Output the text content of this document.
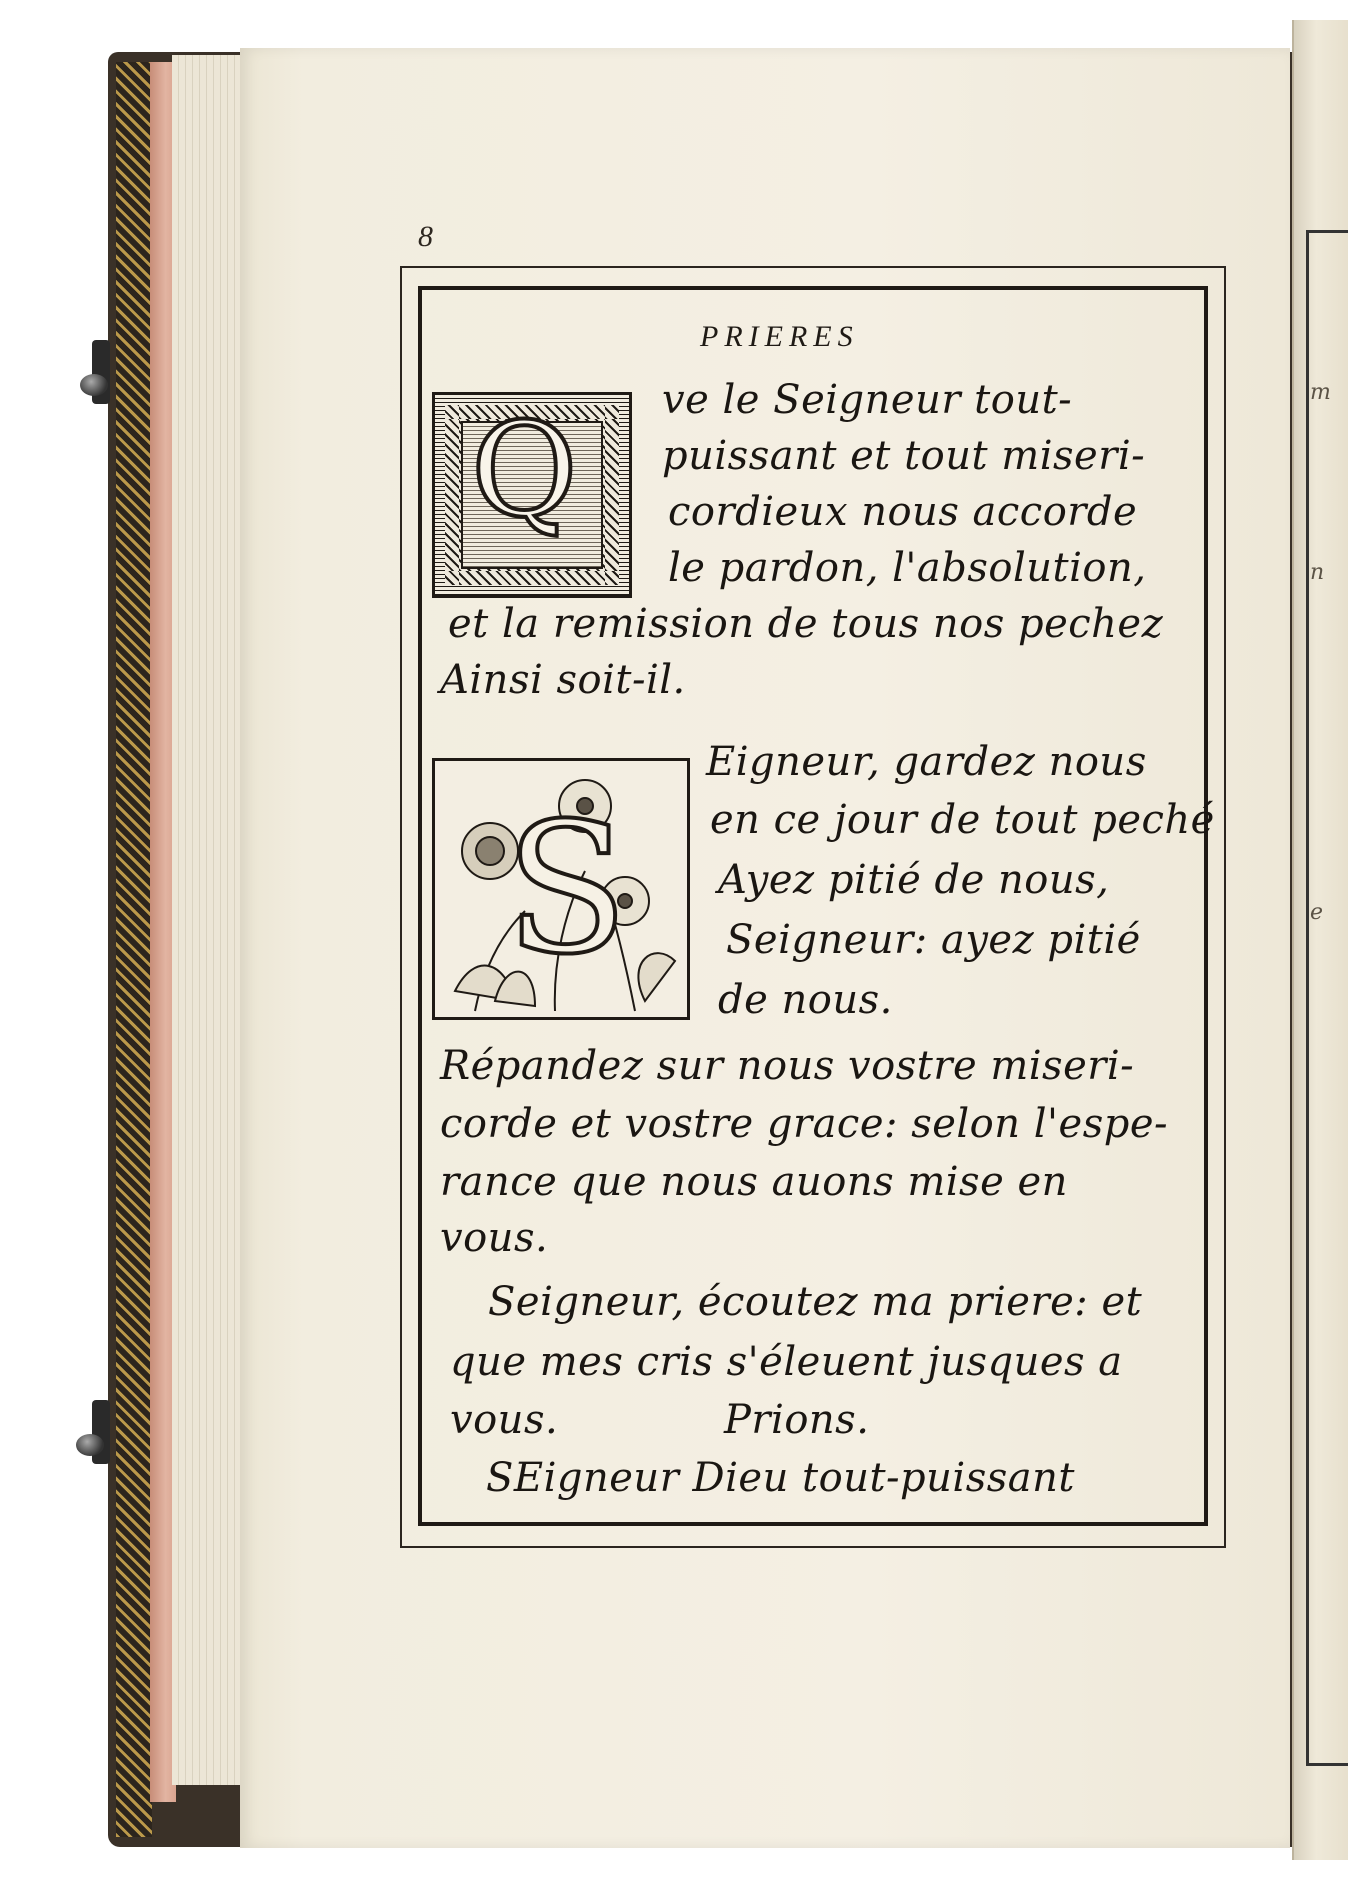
8
PRIERES
Q ve le Seigneur tout-
puissant et tout miseri-
cordieux nous accorde
le pardon, l'absolution,
et la remission de tous nos pechez
Ainsi soit-il.
S
Eigneur, gardez nous
en ce jour de tout peché
Ayez pitié de nous,
Seigneur: ayez pitié
de nous.
Répandez sur nous vostre miseri-
corde et vostre grace: selon l'espe-
rance que nous auons mise en
vous.
Seigneur, écoutez ma priere: et
que mes cris s'éleuent jusques a
vous.	Prions.
SEigneur Dieu tout-puissant
m
n
e
